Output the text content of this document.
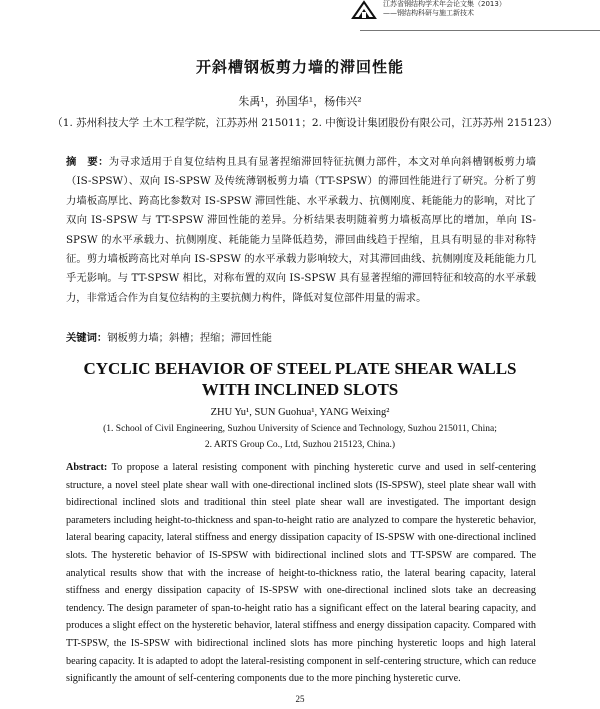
江苏省钢结构学术年会论文集（2013）
——钢结构科研与施工新技术
开斜槽钢板剪力墙的滞回性能
朱禹¹，孙国华¹，杨伟兴²
（1. 苏州科技大学 土木工程学院，江苏苏州 215011；2. 中衡设计集团股份有限公司，江苏苏州 215123）
摘　要：为寻求适用于自复位结构且具有显著捏缩滞回特征抗侧力部件，本文对单向斜槽钢板剪力墙（IS-SPSW）、双向 IS-SPSW 及传统薄钢板剪力墙（TT-SPSW）的滞回性能进行了研究。分析了剪力墙板高厚比、跨高比参数对 IS-SPSW 滞回性能、水平承载力、抗侧刚度、耗能能力的影响，对比了双向 IS-SPSW 与 TT-SPSW 滞回性能的差异。分析结果表明随着剪力墙板高厚比的增加，单向 IS-SPSW 的水平承载力、抗侧刚度、耗能能力呈降低趋势，滞回曲线趋于捏缩，且具有明显的非对称特征。剪力墙板跨高比对单向 IS-SPSW 的水平承载力影响较大，对其滞回曲线、抗侧刚度及耗能能力几乎无影响。与 TT-SPSW 相比，对称布置的双向 IS-SPSW 具有显著捏缩的滞回特征和较高的水平承载力，非常适合作为自复位结构的主要抗侧力构件，降低对复位部件用量的需求。
关键词：钢板剪力墙；斜槽；捏缩；滞回性能
CYCLIC BEHAVIOR OF STEEL PLATE SHEAR WALLS
WITH INCLINED SLOTS
ZHU Yu¹, SUN Guohua¹, YANG Weixing²
(1. School of Civil Engineering, Suzhou University of Science and Technology, Suzhou 215011, China;
2. ARTS Group Co., Ltd, Suzhou 215123, China.)
Abstract: To propose a lateral resisting component with pinching hysteretic curve and used in self-centering structure, a novel steel plate shear wall with one-directional inclined slots (IS-SPSW), steel plate shear wall with bidirectional inclined slots and traditional thin steel plate shear wall are investigated. The important design parameters including height-to-thickness and span-to-height ratio are analyzed to compare the hysteretic behavior, lateral bearing capacity, lateral stiffness and energy dissipation capacity of IS-SPSW with one-directional inclined slots. The hysteretic behavior of IS-SPSW with bidirectional inclined slots and TT-SPSW are compared. The analytical results show that with the increase of height-to-thickness ratio, the lateral bearing capacity, lateral stiffness and energy dissipation capacity of IS-SPSW with one-directional inclined slots take an decreasing tendency. The design parameter of span-to-height ratio has a significant effect on the lateral bearing capacity, and produces a slight effect on the hysteretic behavior, lateral stiffness and energy dissipation capacity. Compared with TT-SPSW, the IS-SPSW with bidirectional inclined slots has more pinching hysteretic loops and high lateral bearing capacity. It is adapted to adopt the lateral-resisting component in self-centering structure, which can reduce significantly the amount of self-centering components due to the more pinching hysteretic curve.
25
